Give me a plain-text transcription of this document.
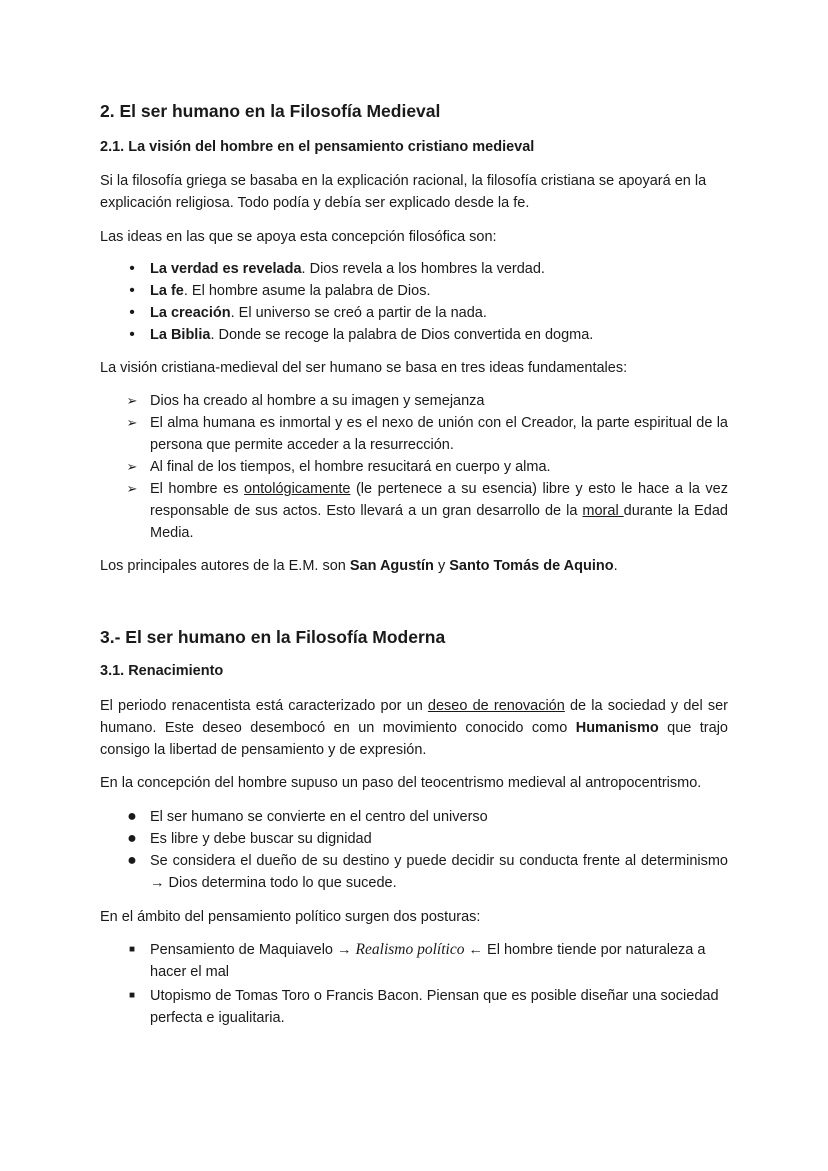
2. El ser humano en la Filosofía Medieval
2.1. La visión del hombre en el pensamiento cristiano medieval

Si la filosofía griega se basaba en la explicación racional, la filosofía cristiana se apoyará en la explicación religiosa. Todo podía y debía ser explicado desde la fe.

Las ideas en las que se apoya esta concepción filosófica son:

•	La verdad es revelada. Dios revela a los hombres la verdad.
•	La fe. El hombre asume la palabra de Dios.
•	La creación. El universo se creó a partir de la nada.
•	La Biblia. Donde se recoge la palabra de Dios convertida en dogma.

La visión cristiana-medieval del ser humano se basa en tres ideas fundamentales:

➢ Dios ha creado al hombre a su imagen y semejanza
➢ El alma humana es inmortal y es el nexo de unión con el Creador, la parte espiritual de la persona que permite acceder a la resurrección.
➢ Al final de los tiempos, el hombre resucitará en cuerpo y alma.
➢ El hombre es ontológicamente (le pertenece a su esencia) libre y esto le hace a la vez responsable de sus actos. Esto llevará a un gran desarrollo de la moral durante la Edad Media.

Los principales autores de la E.M. son San Agustín y Santo Tomás de Aquino.

3.- El ser humano en la Filosofía Moderna
3.1. Renacimiento

El periodo renacentista está caracterizado por un deseo de renovación de la sociedad y del ser humano. Este deseo desembocó en un movimiento conocido como Humanismo que trajo consigo la libertad de pensamiento y de expresión.

En la concepción del hombre supuso un paso del teocentrismo medieval al antropocentrismo.

● El ser humano se convierte en el centro del universo
● Es libre y debe buscar su dignidad
● Se considera el dueño de su destino y puede decidir su conducta frente al determinismo → Dios determina todo lo que sucede.

En el ámbito del pensamiento político surgen dos posturas:

■	Pensamiento de Maquiavelo → Realismo político ← El hombre tiende por naturaleza a hacer el mal
■	Utopismo de Tomas Toro o Francis Bacon. Piensan que es posible diseñar una sociedad perfecta e igualitaria.
